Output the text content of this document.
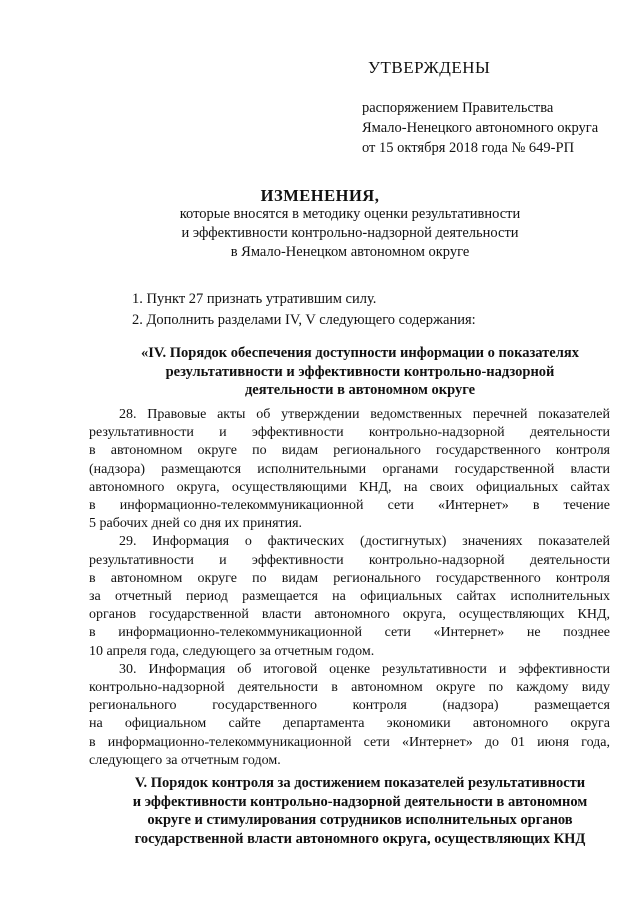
УТВЕРЖДЕНЫ
распоряжением Правительства
Ямало-Ненецкого автономного округа
от 15 октября 2018 года № 649-РП
ИЗМЕНЕНИЯ,
которые вносятся в методику оценки результативности
и эффективности контрольно-надзорной деятельности
в Ямало-Ненецком автономном округе
1. Пункт 27 признать утратившим силу.
2. Дополнить разделами IV, V следующего содержания:
«IV. Порядок обеспечения доступности информации о показателях
результативности и эффективности контрольно-надзорной
деятельности в автономном округе

28. Правовые акты об утверждении ведомственных перечней показателей

результативности и эффективности контрольно-надзорной деятельности

в автономном округе по видам регионального государственного контроля

(надзора) размещаются исполнительными органами государственной власти

автономного округа, осуществляющими КНД, на своих официальных сайтах

в информационно-телекоммуникационной сети «Интернет» в течение

5 рабочих дней со дня их принятия.

29. Информация о фактических (достигнутых) значениях показателей

результативности и эффективности контрольно-надзорной деятельности

в автономном округе по видам регионального государственного контроля

за отчетный период размещается на официальных сайтах исполнительных

органов государственной власти автономного округа, осуществляющих КНД,

в информационно-телекоммуникационной сети «Интернет» не позднее

10 апреля года, следующего за отчетным годом.

30. Информация об итоговой оценке результативности и эффективности

контрольно-надзорной деятельности в автономном округе по каждому виду

регионального государственного контроля (надзора) размещается

на официальном сайте департамента экономики автономного округа

в информационно-телекоммуникационной сети «Интернет» до 01 июня года,

следующего за отчетным годом.

V. Порядок контроля за достижением показателей результативности
и эффективности контрольно-надзорной деятельности в автономном
округе и стимулирования сотрудников исполнительных органов
государственной власти автономного округа, осуществляющих КНД
